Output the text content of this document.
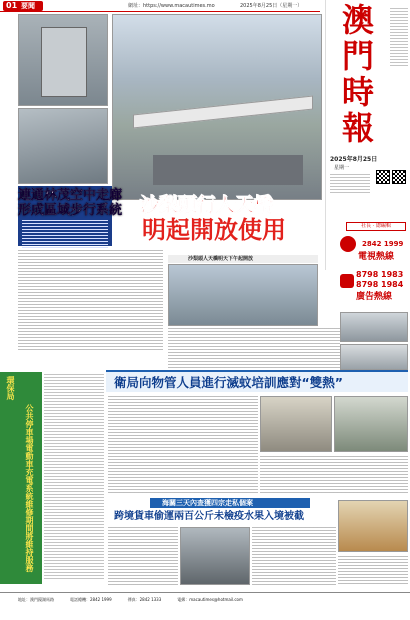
01 要聞	網址：https://www.macautimes.mo	2025年8月25日（星期一） 澳
門
時
報
2025年8月25日
星期一
社長 · 總編輯
2842 1999
電視熱線
8798 1983
8798 1984
廣告熱線
連通林茂空中走廊
形成區域步行系統 沙梨頭行人天橋
明起開放使用
沙梨頭人天橋明天下午起開放
環保局
公共停車場電動車充電系統維修期間將維持服務
衛局向物管人員進行滅蚊培訓應對“雙熱”
海關三天內查獲四宗走私個案
跨境貨車偷運兩百公斤未檢疫水果入境被截
地址：澳門鏡湖馬路	電話總機：2842 1999	傳真：2842 1333	電郵：macautimes@hotmail.com
